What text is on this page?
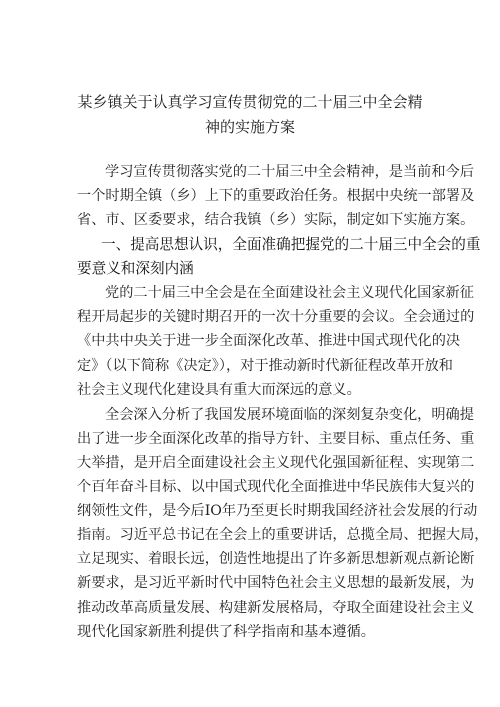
某乡镇关于认真学习宣传贯彻党的二十届三中全会精
神的实施方案

学习宣传贯彻落实党的二十届三中全会精神，是当前和今后
一个时期全镇（乡）上下的重要政治任务。根据中央统一部署及
省、市、区委要求，结合我镇（乡）实际，制定如下实施方案。

一、提高思想认识，全面准确把握党的二十届三中全会的重
要意义和深刻内涵

党的二十届三中全会是在全面建设社会主义现代化国家新征
程开局起步的关键时期召开的一次十分重要的会议。全会通过的
《中共中央关于进一步全面深化改革、推进中国式现代化的决
定》（以下简称《决定》），对于推动新时代新征程改革开放和
社会主义现代化建设具有重大而深远的意义。

全会深入分析了我国发展环境面临的深刻复杂变化，明确提
出了进一步全面深化改革的指导方针、主要目标、重点任务、重
大举措，是开启全面建设社会主义现代化强国新征程、实现第二
个百年奋斗目标、以中国式现代化全面推进中华民族伟大复兴的
纲领性文件，是今后IO年乃至更长时期我国经济社会发展的行动
指南。习近平总书记在全会上的重要讲话，总揽全局、把握大局，
立足现实、着眼长远，创造性地提出了许多新思想新观点新论断
新要求，是习近平新时代中国特色社会主义思想的最新发展，为
推动改革高质量发展、构建新发展格局，夺取全面建设社会主义
现代化国家新胜利提供了科学指南和基本遵循。
